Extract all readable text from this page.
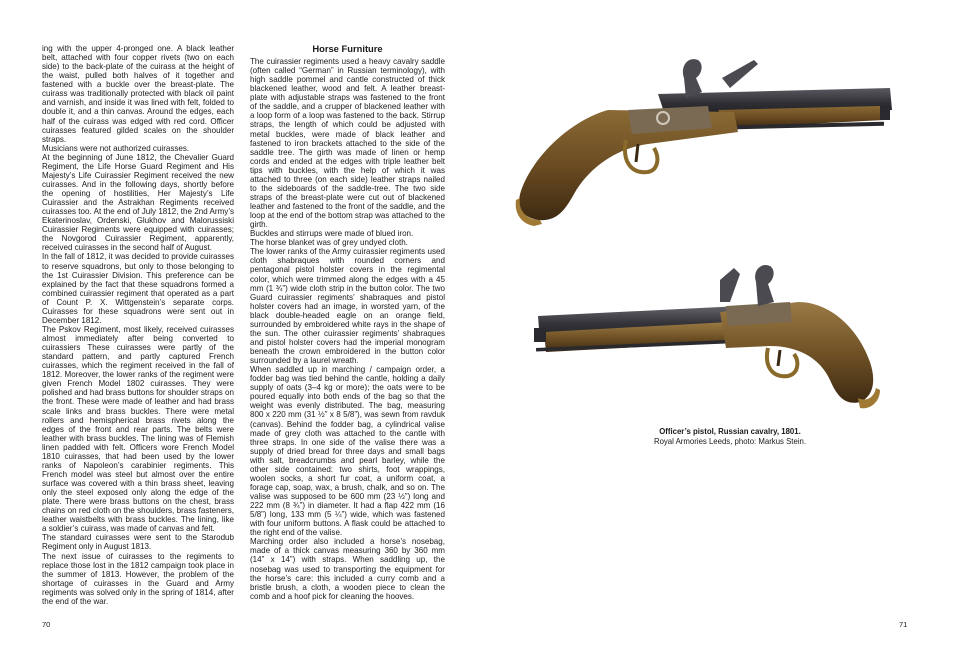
ing with the upper 4-pronged one. A black leather belt, attached with four copper rivets (two on each side) to the back-plate of the cuirass at the height of the waist, pulled both halves of it together and fastened with a buckle over the breast-plate. The cuirass was traditionally protected with black oil paint and varnish, and inside it was lined with felt, folded to double it, and a thin canvas. Around the edges, each half of the cuirass was edged with red cord. Officer cuirasses featured gilded scales on the shoulder straps.

Musicians were not authorized cuirasses.

At the beginning of June 1812, the Chevalier Guard Regiment, the Life Horse Guard Regiment and His Majesty’s Life Cuirassier Regiment received the new cuirasses. And in the following days, shortly before the opening of hostilities, Her Majesty’s Life Cuirassier and the Astrakhan Regiments received cuirasses too. At the end of July 1812, the 2nd Army’s Ekaterinoslav, Ordenski, Glukhov and Malorussiski Cuirassier Regiments were equipped with cuirasses; the Novgorod Cuirassier Regiment, apparently, received cuirasses in the second half of August.

In the fall of 1812, it was decided to provide cuirasses to reserve squadrons, but only to those belonging to the 1st Cuirassier Division. This preference can be explained by the fact that these squadrons formed a combined cuirassier regiment that operated as a part of Count P. X. Wittgenstein’s separate corps. Cuirasses for these squadrons were sent out in December 1812.

The Pskov Regiment, most likely, received cuirasses almost immediately after being converted to cuirassiers These cuirasses were partly of the standard pattern, and partly captured French cuirasses, which the regiment received in the fall of 1812. Moreover, the lower ranks of the regiment were given French Model 1802 cuirasses. They were polished and had brass buttons for shoulder straps on the front. These were made of leather and had brass scale links and brass buckles. There were metal rollers and hemispherical brass rivets along the edges of the front and rear parts. The belts were leather with brass buckles. The lining was of Flemish linen padded with felt. Officers wore French Model 1810 cuirasses, that had been used by the lower ranks of Napoleon’s carabinier regiments. This French model was steel but almost over the entire surface was covered with a thin brass sheet, leaving only the steel exposed only along the edge of the plate. There were brass buttons on the chest, brass chains on red cloth on the shoulders, brass fasteners, leather waistbelts with brass buckles. The lining, like a soldier’s cuirass, was made of canvas and felt.

The standard cuirasses were sent to the Starodub Regiment only in August 1813.

The next issue of cuirasses to the regiments to replace those lost in the 1812 campaign took place in the summer of 1813. However, the problem of the shortage of cuirasses in the Guard and Army regiments was solved only in the spring of 1814, after the end of the war.

Horse Furniture

The cuirassier regiments used a heavy cavalry saddle (often called “German” in Russian terminology), with high saddle pommel and cantle constructed of thick blackened leather, wood and felt. A leather breast-plate with adjustable straps was fastened to the front of the saddle, and a crupper of blackened leather with a loop form of a loop was fastened to the back. Stirrup straps, the length of which could be adjusted with metal buckles, were made of black leather and fastened to iron brackets attached to the side of the saddle tree. The girth was made of linen or hemp cords and ended at the edges with triple leather belt tips with buckles, with the help of which it was attached to three (on each side) leather straps nailed to the sideboards of the saddle-tree. The two side straps of the breast-plate were cut out of blackened leather and fastened to the front of the saddle, and the loop at the end of the bottom strap was attached to the girth.

Buckles and stirrups were made of blued iron.

The horse blanket was of grey undyed cloth.

The lower ranks of the Army cuirassier regiments used cloth shabraques with rounded corners and pentagonal pistol holster covers in the regimental color, which were trimmed along the edges with a 45 mm (1 ¾”) wide cloth strip in the button color. The two Guard cuirassier regiments’ shabraques and pistol holster covers had an image, in worsted yarn, of the black double-headed eagle on an orange field, surrounded by embroidered white rays in the shape of the sun. The other cuirassier regiments’ shabraques and pistol holster covers had the imperial monogram beneath the crown embroidered in the button color surrounded by a laurel wreath.

When saddled up in marching / campaign order, a fodder bag was tied behind the cantle, holding a daily supply of oats (3–4 kg or more); the oats were to be poured equally into both ends of the bag so that the weight was evenly distributed. The bag, measuring 800 x 220 mm (31 ½” x 8 5/8”), was sewn from ravduk (canvas). Behind the fodder bag, a cylindrical valise made of grey cloth was attached to the cantle with three straps. In one side of the valise there was a supply of dried bread for three days and small bags with salt, breadcrumbs and pearl barley, while the other side contained: two shirts, foot wrappings, woolen socks, a short fur coat, a uniform coat, a forage cap, soap, wax, a brush, chalk, and so on. The valise was supposed to be 600 mm (23 ½”) long and 222 mm (8 ¾”) in diameter. It had a flap 422 mm (16 5/8”) long, 133 mm (5 ¼”) wide, which was fastened with four uniform buttons. A flask could be attached to the right end of the valise.

Marching order also included a horse’s nosebag, made of a thick canvas measuring 360 by 360 mm (14” x 14”) with straps. When saddling up, the nosebag was used to transporting the equipment for the horse’s care: this included a curry comb and a bristle brush, a cloth, a wooden piece to clean the comb and a hoof pick for cleaning the hooves.

Officer’s pistol, Russian cavalry, 1801.
Royal Armories Leeds, photo: Markus Stein.
70	71
